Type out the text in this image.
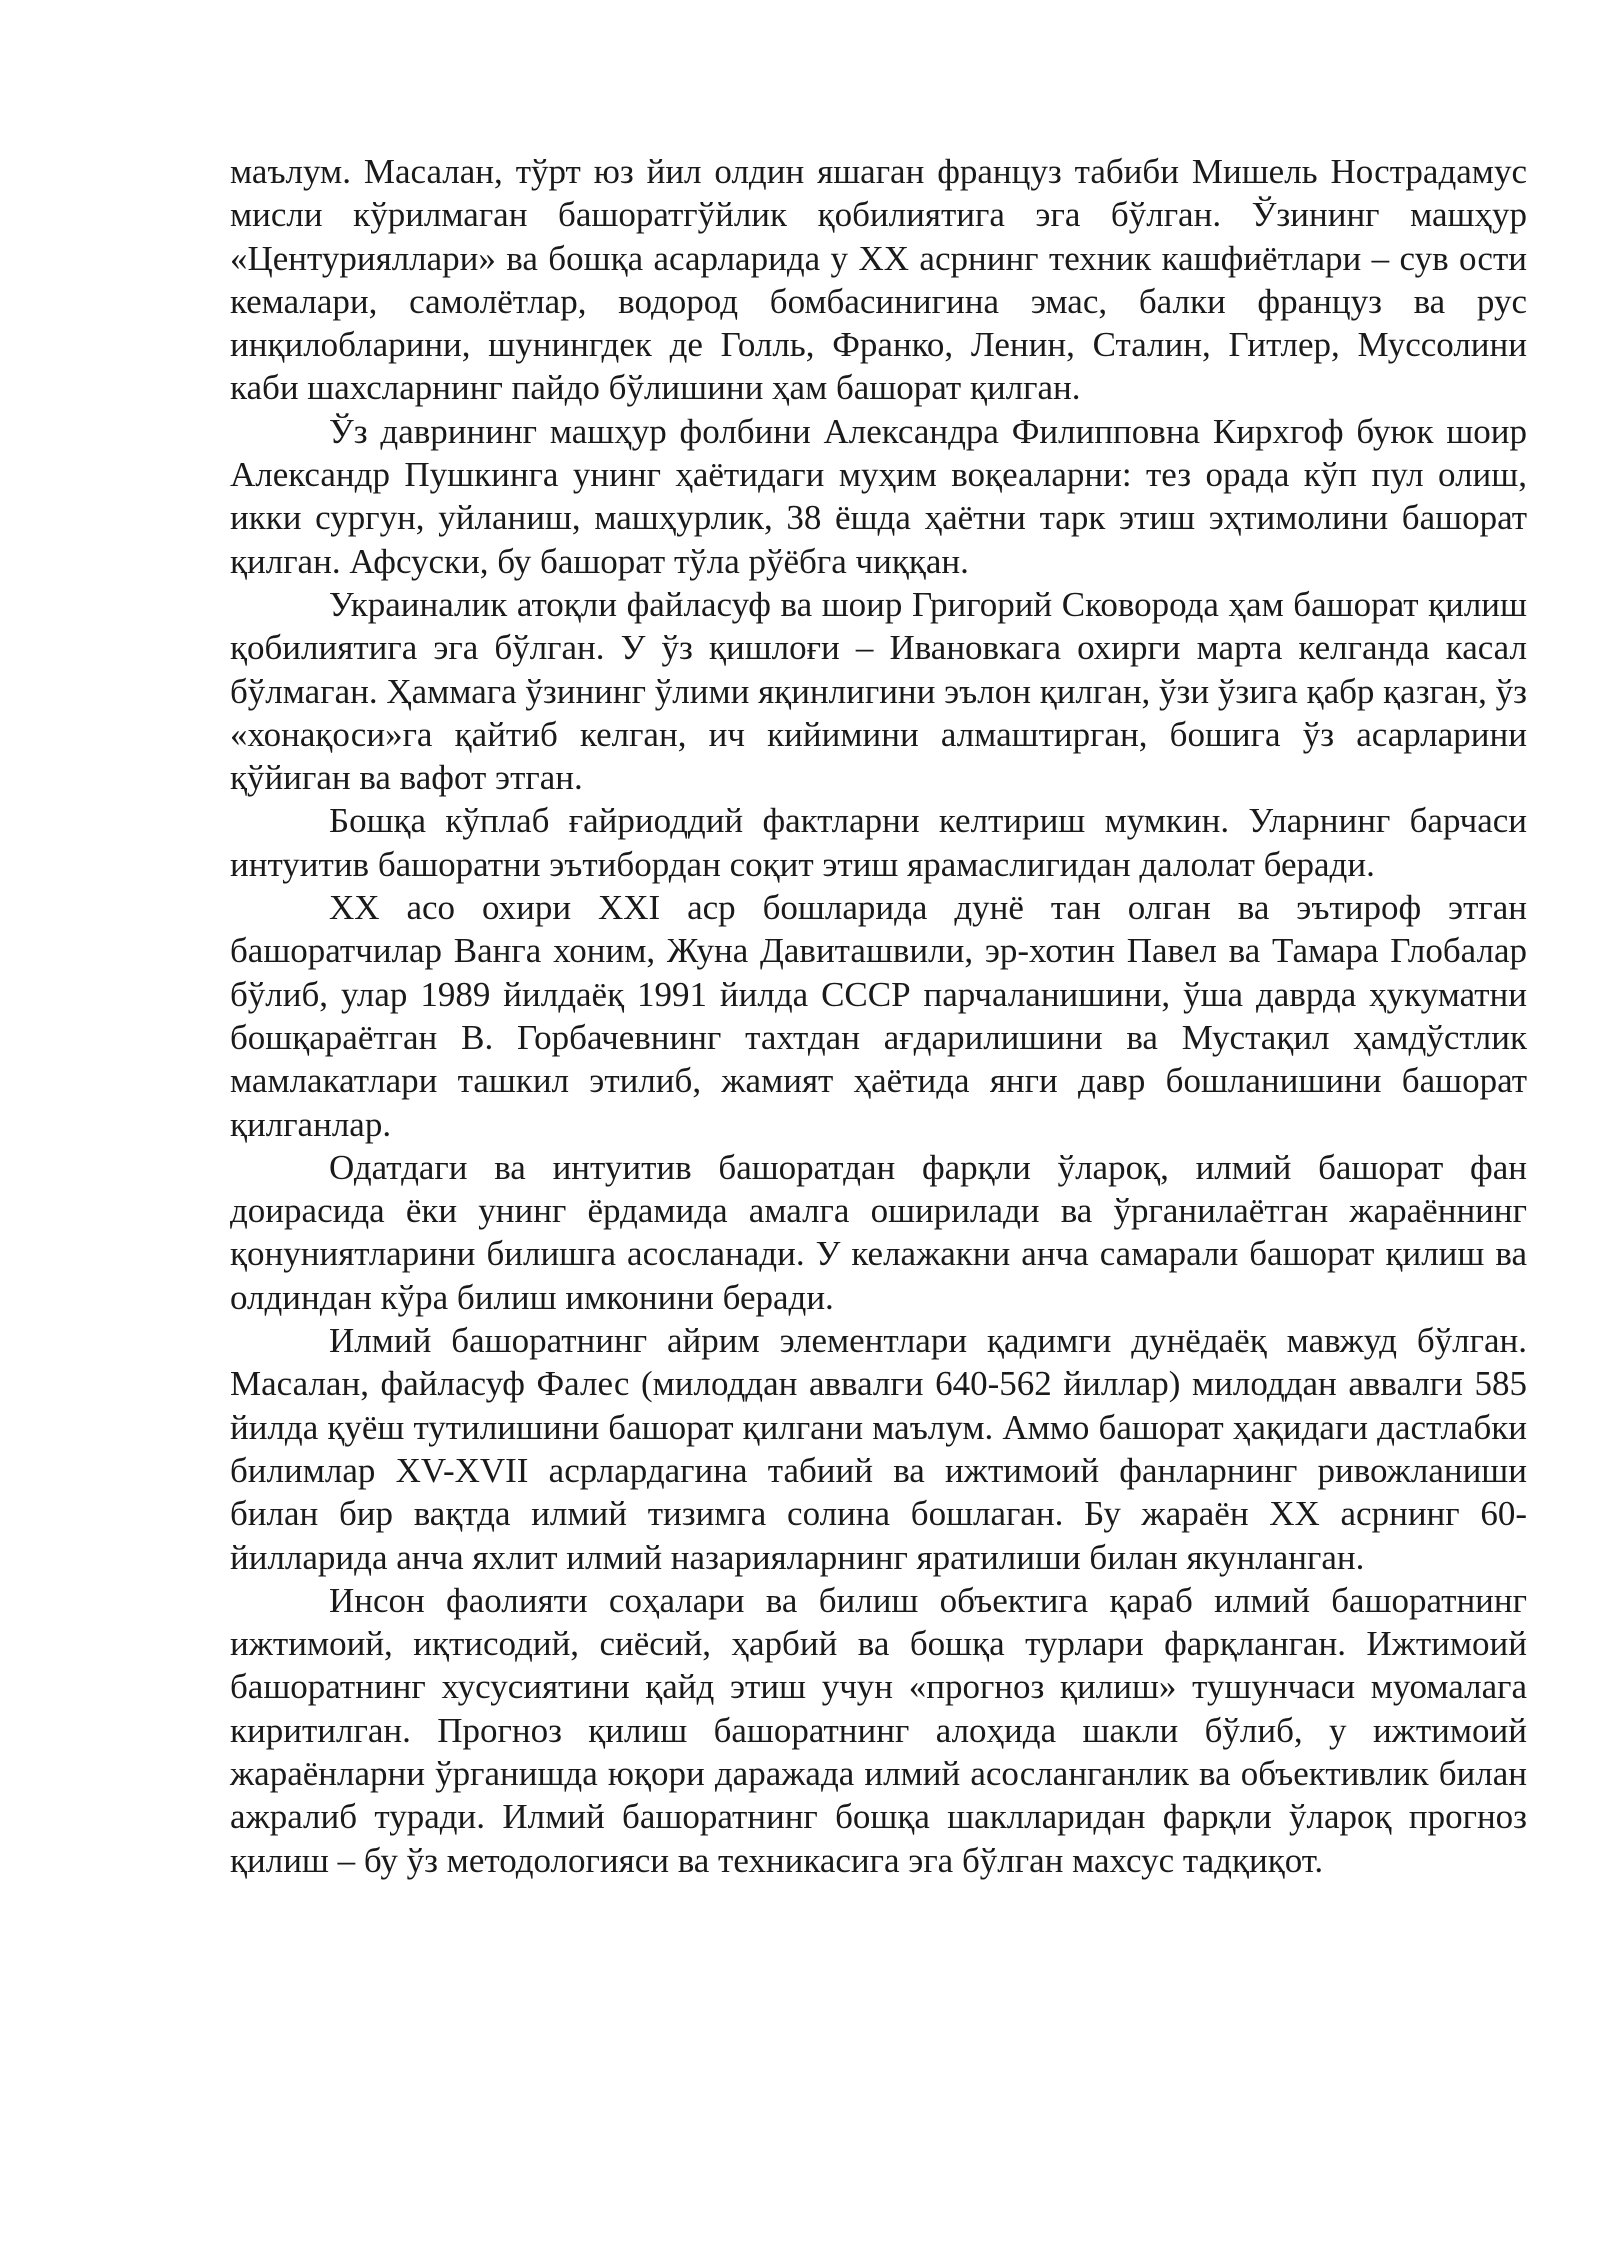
маълум. Масалан, тўрт юз йил олдин яшаган француз табиби Мишель Нострадамус мисли кўрилмаган башоратгўйлик қобилиятига эга бўлган. Ўзининг машҳур «Центурияллари» ва бошқа асарларида у XX асрнинг техник кашфиётлари – сув ости кемалари, самолётлар, водород бомбасинигина эмас, балки француз ва рус инқилобларини, шунингдек де Голль, Франко, Ленин, Сталин, Гитлер, Муссолини каби шахсларнинг пайдо бўлишини ҳам башорат қилган.

Ўз даврининг машҳур фолбини Александра Филипповна Кирхгоф буюк шоир Александр Пушкинга унинг ҳаётидаги муҳим воқеаларни: тез орада кўп пул олиш, икки сургун, уйланиш, машҳурлик, 38 ёшда ҳаётни тарк этиш эҳтимолини башорат қилган. Афсуски, бу башорат тўла рўёбга чиққан.

Украиналик атоқли файласуф ва шоир Григорий Сковорода ҳам башорат қилиш қобилиятига эга бўлган. У ўз қишлоғи – Ивановкага охирги марта келганда касал бўлмаган. Ҳаммага ўзининг ўлими яқинлигини эълон қилган, ўзи ўзига қабр қазган, ўз «хонақоси»га қайтиб келган, ич кийимини алмаштирган, бошига ўз асарларини қўйиган ва вафот этган.

Бошқа кўплаб ғайриоддий фактларни келтириш мумкин. Уларнинг барчаси интуитив башоратни эътибордан соқит этиш ярамаслигидан далолат беради.

XX асо охири XXI аср бошларида дунё тан олган ва эътироф этган башоратчилар Ванга хоним, Жуна Давиташвили, эр-хотин Павел ва Тамара Глобалар бўлиб, улар 1989 йилдаёқ 1991 йилда СССР парчаланишини, ўша даврда ҳукуматни бошқараётган В. Горбачевнинг тахтдан ағдарилишини ва Мустақил ҳамдўстлик мамлакатлари ташкил этилиб, жамият ҳаётида янги давр бошланишини башорат қилганлар.

Одатдаги ва интуитив башоратдан фарқли ўлароқ, илмий башорат фан доирасида ёки унинг ёрдамида амалга оширилади ва ўрганилаётган жараённинг қонуниятларини билишга асосланади. У келажакни анча самарали башорат қилиш ва олдиндан кўра билиш имконини беради.

Илмий башоратнинг айрим элементлари қадимги дунёдаёқ мавжуд бўлган. Масалан, файласуф Фалес (милоддан аввалги 640-562 йиллар) милоддан аввалги 585 йилда қуёш тутилишини башорат қилгани маълум. Аммо башорат ҳақидаги дастлабки билимлар XV-XVII асрлардагина табиий ва ижтимоий фанларнинг ривожланиши билан бир вақтда илмий тизимга солина бошлаган. Бу жараён XX асрнинг 60-йилларида анча яхлит илмий назарияларнинг яратилиши билан якунланган.

Инсон фаолияти соҳалари ва билиш объектига қараб илмий башоратнинг ижтимоий, иқтисодий, сиёсий, ҳарбий ва бошқа турлари фарқланган. Ижтимоий башоратнинг хусусиятини қайд этиш учун «прогноз қилиш» тушунчаси муомалага киритилган. Прогноз қилиш башоратнинг алоҳида шакли бўлиб, у ижтимоий жараёнларни ўрганишда юқори даражада илмий асосланганлик ва объективлик билан ажралиб туради. Илмий башоратнинг бошқа шаклларидан фарқли ўлароқ прогноз қилиш – бу ўз методологияси ва техникасига эга бўлган махсус тадқиқот.
